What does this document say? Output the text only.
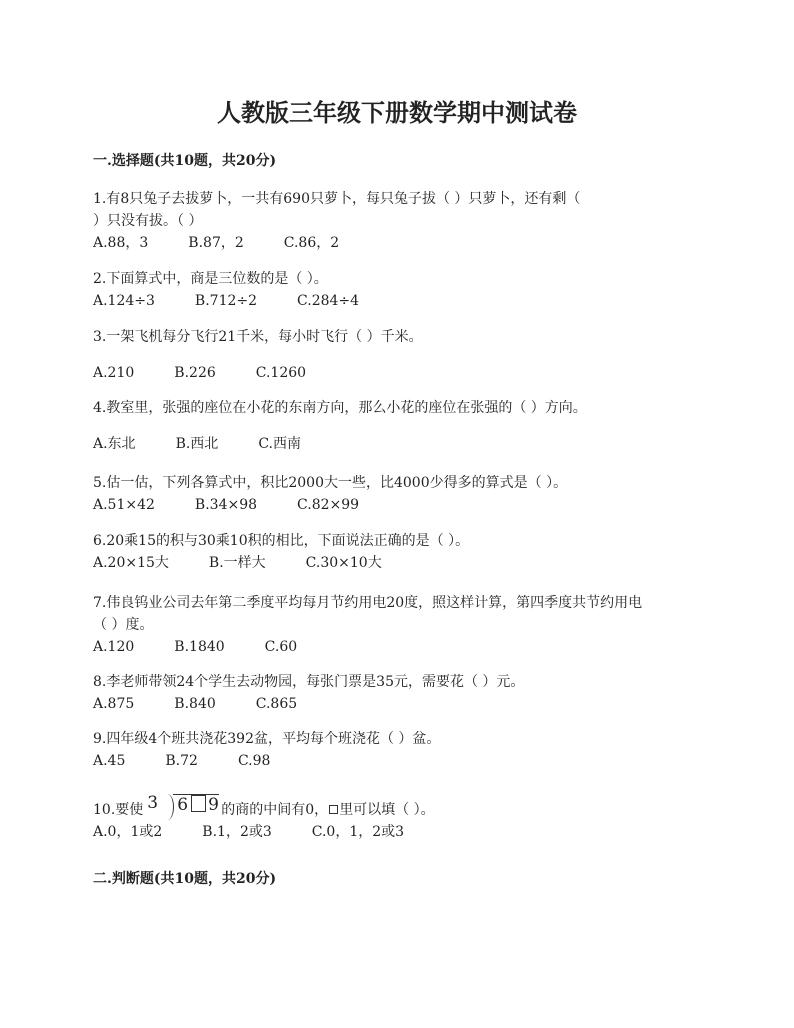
人教版三年级下册数学期中测试卷
一.选择题(共10题，共20分)
1.有8只兔子去拔萝卜，一共有690只萝卜，每只兔子拔（ ）只萝卜，还有剩（
）只没有拔。（ ）
A.88，3	B.87，2	C.86，2
2.下面算式中，商是三位数的是（ ）。
A.124÷3	B.712÷2	C.284÷4
3.一架飞机每分飞行21千米，每小时飞行（ ）千米。
A.210	B.226	C.1260
4.教室里，张强的座位在小花的东南方向，那么小花的座位在张强的（ ）方向。
A.东北	B.西北	C.西南
5.估一估，下列各算式中，积比2000大一些，比4000少得多的算式是（ ）。
A.51×42	B.34×98	C.82×99
6.20乘15的积与30乘10积的相比，下面说法正确的是（ ）。
A.20×15大	B.一样大	C.30×10大
7.伟良钨业公司去年第二季度平均每月节约用电20度，照这样计算，第四季度共节约用电
（ ）度。
A.120	B.1840	C.60
8.李老师带领24个学生去动物园，每张门票是35元，需要花（ ）元。
A.875	B.840	C.865
9.四年级4个班共浇花392盆，平均每个班浇花（ ）盆。
A.45	B.72	C.98
10.要使 3 6 9 的商的中间有0， 里可以填（ ）。
A.0，1或2	B.1，2或3	C.0，1，2或3
二.判断题(共10题，共20分)
